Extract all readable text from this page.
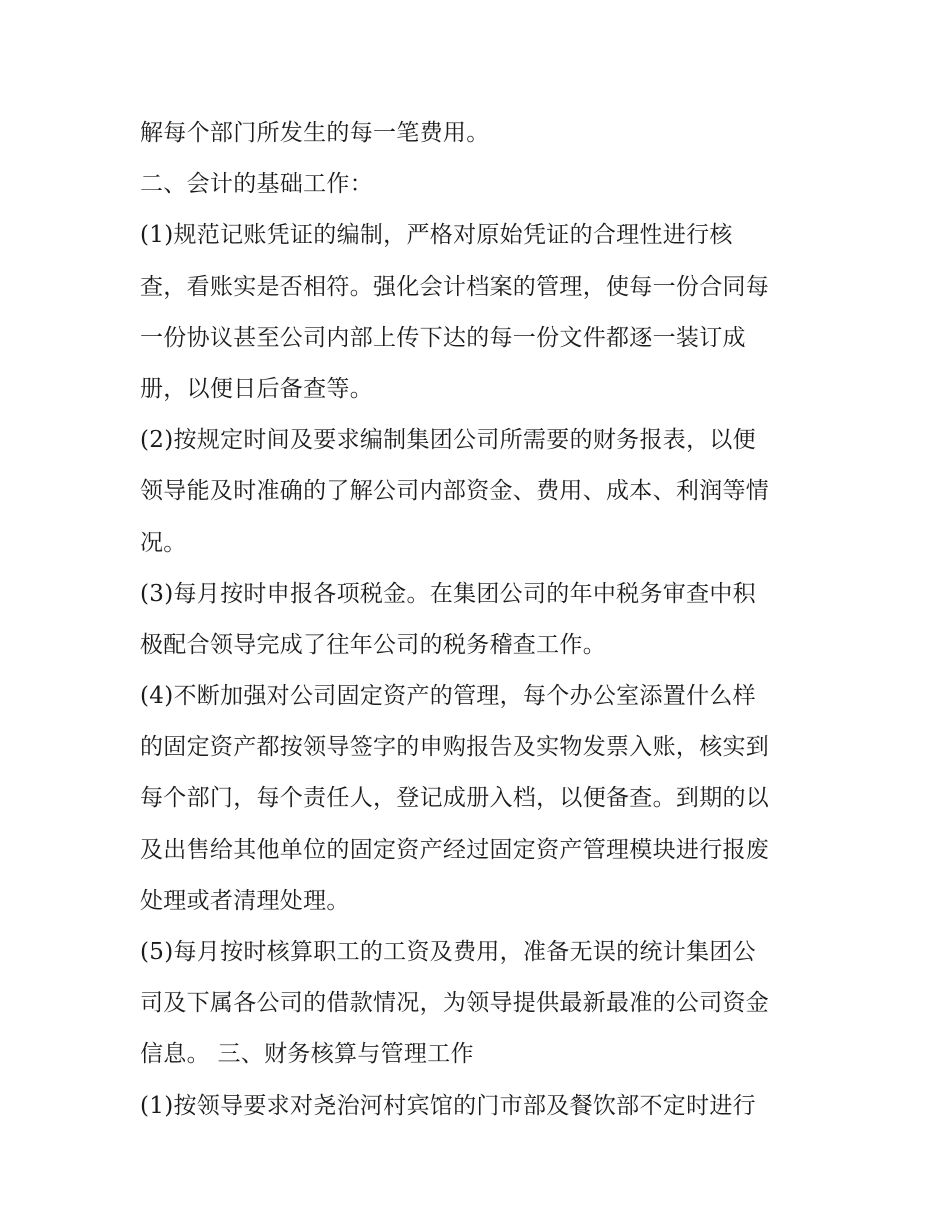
解每个部门所发生的每一笔费用。
二、会计的基础工作：
(1)规范记账凭证的编制，严格对原始凭证的合理性进行核
查，看账实是否相符。强化会计档案的管理，使每一份合同每
一份协议甚至公司内部上传下达的每一份文件都逐一装订成
册，以便日后备查等。
(2)按规定时间及要求编制集团公司所需要的财务报表，以便
领导能及时准确的了解公司内部资金、费用、成本、利润等情
况。
(3)每月按时申报各项税金。在集团公司的年中税务审查中积
极配合领导完成了往年公司的税务稽查工作。
(4)不断加强对公司固定资产的管理，每个办公室添置什么样
的固定资产都按领导签字的申购报告及实物发票入账，核实到
每个部门，每个责任人，登记成册入档，以便备查。到期的以
及出售给其他单位的固定资产经过固定资产管理模块进行报废
处理或者清理处理。
(5)每月按时核算职工的工资及费用，准备无误的统计集团公
司及下属各公司的借款情况，为领导提供最新最准的公司资金
信息。 三、财务核算与管理工作
(1)按领导要求对尧治河村宾馆的门市部及餐饮部不定时进行
